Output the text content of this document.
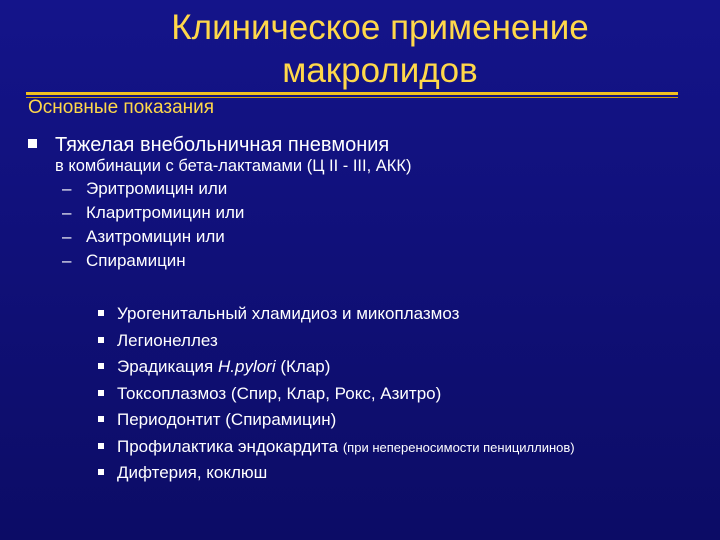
Клиническое применение
макролидов
Основные показания
Тяжелая внебольничная пневмония
в комбинации с бета-лактамами (Ц II - III, АКК)
– Эритромицин или
– Кларитромицин или
– Азитромицин или
– Спирамицин
Урогенитальный хламидиоз и микоплазмоз
Легионеллез
Эрадикация H.pylori (Клар)
Токсоплазмоз (Спир, Клар, Рокс, Азитро)
Периодонтит (Спирамицин)
Профилактика эндокардита (при непереносимости пенициллинов)
Дифтерия, коклюш
